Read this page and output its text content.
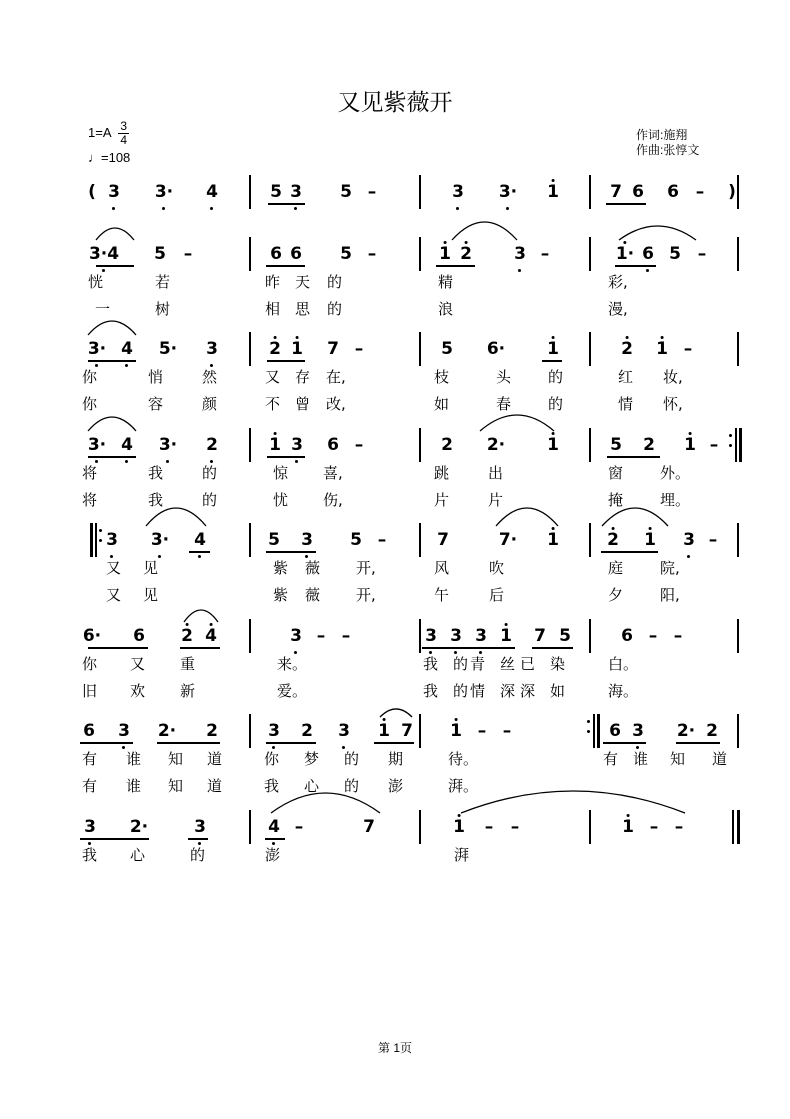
又见紫薇开
$1=A \frac{3}{4}$
♩=108
作词:施翔
作曲:张惇文
( 3 3· 4	5 3 5 –	3 3· 1	7 6 6 – )
3·4 5 –	6 6 5 –	1 2 3 –	1· 6 5 –
恍	若	昨  天 的	精	彩,
一	树	相  思 的	浪	漫,
3· 4 5· 3	2 1 7 –	5 6· 1	2 1 –
你	悄	然	又  存 在,	枝	头 的	红 妆,
你	容	颜	不  曾 改,	如	春 的	情 怀,
3· 4 3· 2	1 3 6 –	2 2· 1	5 2 1 –
将	我	的	惊 喜,	跳	出	窗 外。
将	我	的	忧 伤,	片	片	掩 埋。
3 3· 4	5 3 5 –	7	7· 1	2 1 3 –
又 见	紫 薇 开,	风	吹	庭 院,
又 见	紫 薇 开,	午	后	夕 阳,
6· 6 2 4	3 – –	3 3 3 1 7 5	6 – –
你 又 重	来。	我  的 青  丝 已  染	白。
旧 欢 新	爱。	我  的 情  深 深  如	海。
6 3 2· 2	3 2 3 1 7 1 – –	6 3 2· 2
有 谁 知 道	你 梦 的 期	待。	有  谁 知 道
有 谁 知 道	我 心 的 澎	湃。
3 2·	3	4 –	7	1 – –	1 – –
我 心	的	澎	湃
第 1页
